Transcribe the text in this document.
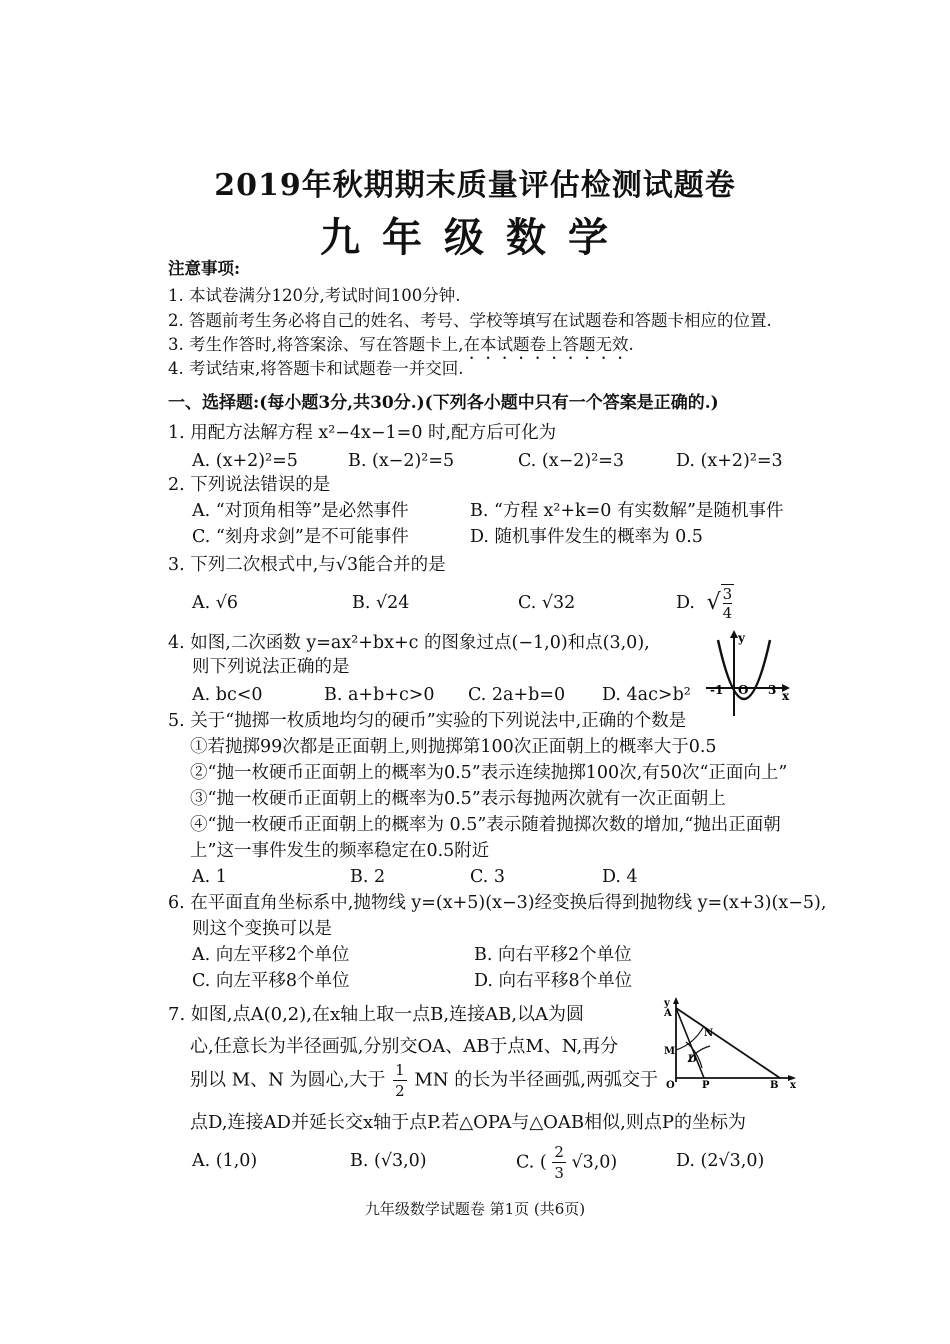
2019年秋期期末质量评估检测试题卷
九年级数学
注意事项:
1. 本试卷满分120分,考试时间100分钟.
2. 答题前考生务必将自己的姓名、考号、学校等填写在试题卷和答题卡相应的位置.
3. 考生作答时,将答案涂、写在答题卡上,在本试题卷上答题无效.
4. 考试结束,将答题卡和试题卷一并交回.
一、选择题:(每小题3分,共30分.)(下列各小题中只有一个答案是正确的.)
1. 用配方法解方程 x²−4x−1=0 时,配方后可化为
A. (x+2)²=5	B. (x−2)²=5	C. (x−2)²=3	D. (x+2)²=3
2. 下列说法错误的是
A. “对顶角相等”是必然事件	B. “方程 x²+k=0 有实数解”是随机事件
C. “刻舟求剑”是不可能事件	D. 随机事件发生的概率为 0.5
3. 下列二次根式中,与√3能合并的是
A. √6	B. √24	C. √32	D. √ $\frac{3}{4}$
4. 如图,二次函数 y=ax²+bx+c 的图象过点(−1,0)和点(3,0),
则下列说法正确的是
A. bc<0	B. a+b+c>0 C. 2a+b=0 D. 4ac>b²
y
x
-1 O 3
5. 关于“抛掷一枚质地均匀的硬币”实验的下列说法中,正确的个数是
①若抛掷99次都是正面朝上,则抛掷第100次正面朝上的概率大于0.5
②“抛一枚硬币正面朝上的概率为0.5”表示连续抛掷100次,有50次“正面向上”
③“抛一枚硬币正面朝上的概率为0.5”表示每抛两次就有一次正面朝上
④“抛一枚硬币正面朝上的概率为 0.5”表示随着抛掷次数的增加,“抛出正面朝
上”这一事件发生的频率稳定在0.5附近
A. 1	B. 2	C. 3	D. 4
6. 在平面直角坐标系中,抛物线 y=(x+5)(x−3)经变换后得到抛物线 y=(x+3)(x−5),
则这个变换可以是
A. 向左平移2个单位	B. 向右平移2个单位
C. 向左平移8个单位	D. 向右平移8个单位
7. 如图,点A(0,2),在x轴上取一点B,连接AB,以A为圆
心,任意长为半径画弧,分别交OA、AB于点M、N,再分
别以 M、N 为圆心,大于 $\frac{1}{2}$ MN 的长为半径画弧,两弧交于
点D,连接AD并延长交x轴于点P.若△OPA与△OAB相似,则点P的坐标为
A. (1,0)	B. (√3,0)	C. ( $\frac{2}{3} √3,0$)	D. (2√3,0)
y
A
N
M
D
O	P	B x
九年级数学试题卷 第1页 (共6页)
